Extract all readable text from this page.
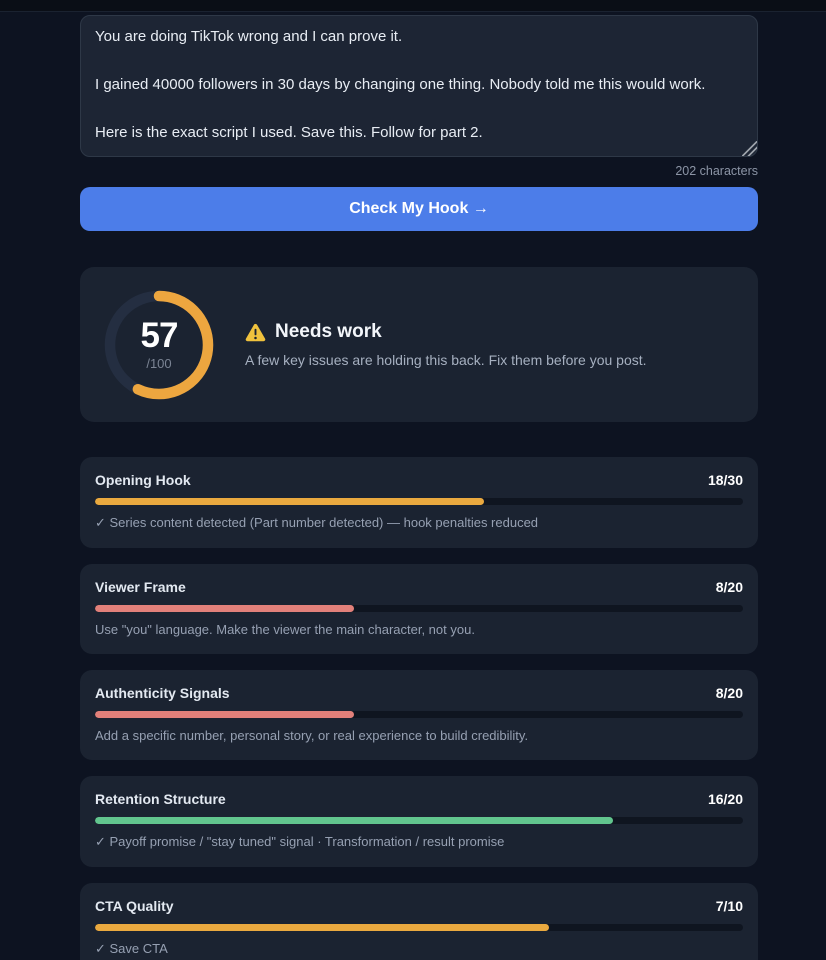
You are doing TikTok wrong and I can prove it. I gained 40000 followers in 30 days by changing one thing. Nobody told me this would work. Here is the exact script I used. Save this. Follow for part 2.
202 characters
Check My Hook →
57
/100
Needs work
A few key issues are holding this back. Fix them before you post.
Opening Hook	18/30
✓ Series content detected (Part number detected) — hook penalties reduced
Viewer Frame	8/20
Use "you" language. Make the viewer the main character, not you.
Authenticity Signals	8/20
Add a specific number, personal story, or real experience to build credibility.
Retention Structure	16/20
✓ Payoff promise / "stay tuned" signal · Transformation / result promise
CTA Quality	7/10
✓ Save CTA
